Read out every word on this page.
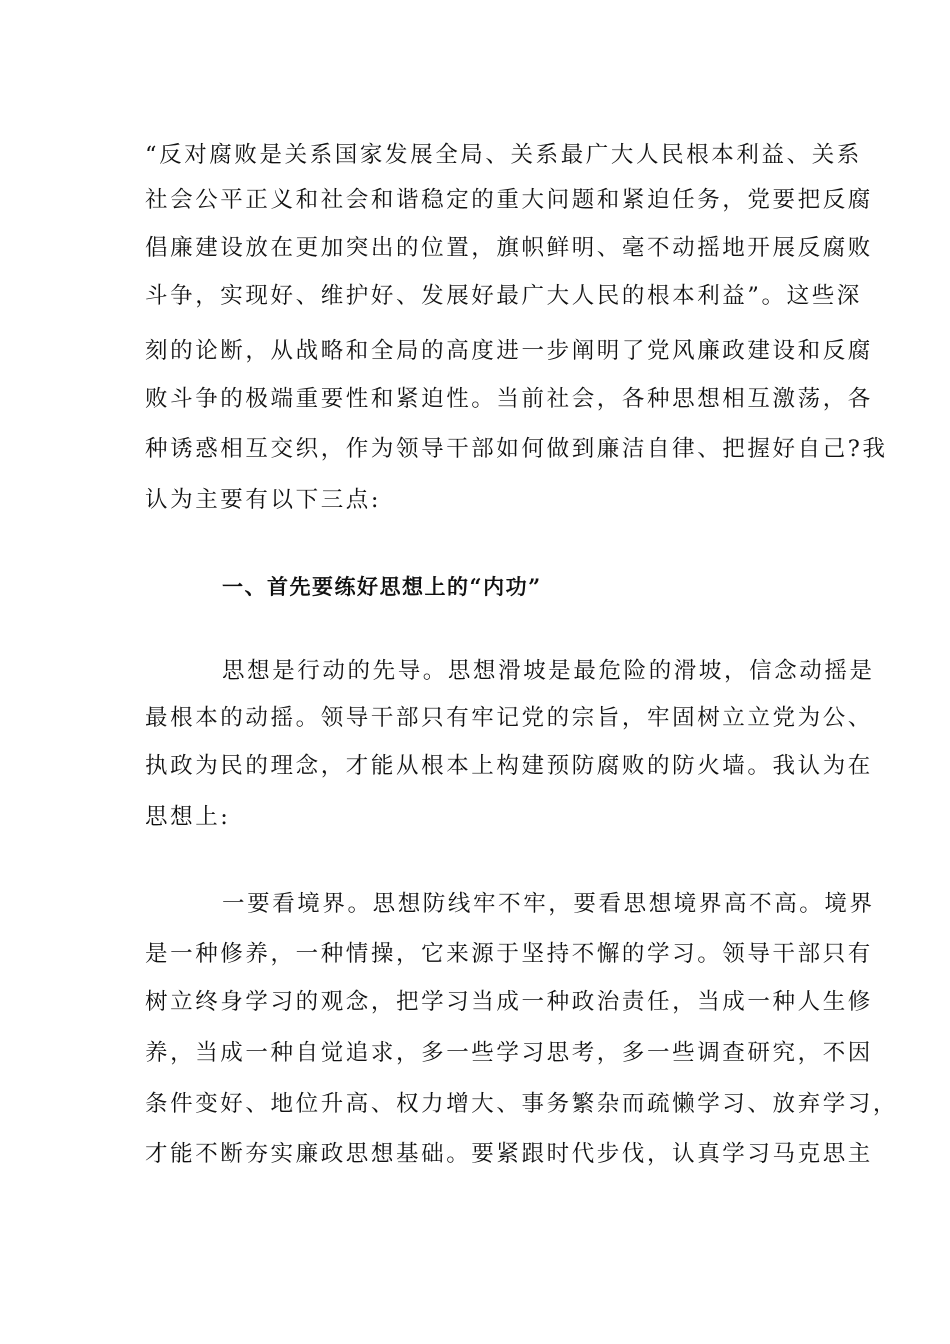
“反对腐败是关系国家发展全局、关系最广大人民根本利益、关系
社会公平正义和社会和谐稳定的重大问题和紧迫任务，党要把反腐
倡廉建设放在更加突出的位置，旗帜鲜明、毫不动摇地开展反腐败
斗争，实现好、维护好、发展好最广大人民的根本利益”。这些深
刻的论断，从战略和全局的高度进一步阐明了党风廉政建设和反腐
败斗争的极端重要性和紧迫性。当前社会，各种思想相互激荡，各
种诱惑相互交织，作为领导干部如何做到廉洁自律、把握好自己?我
认为主要有以下三点:
一、首先要练好思想上的“内功”
思想是行动的先导。思想滑坡是最危险的滑坡，信念动摇是
最根本的动摇。领导干部只有牢记党的宗旨，牢固树立立党为公、
执政为民的理念，才能从根本上构建预防腐败的防火墙。我认为在
思想上:
一要看境界。思想防线牢不牢，要看思想境界高不高。境界
是一种修养，一种情操，它来源于坚持不懈的学习。领导干部只有
树立终身学习的观念，把学习当成一种政治责任，当成一种人生修
养，当成一种自觉追求，多一些学习思考，多一些调查研究，不因
条件变好、地位升高、权力增大、事务繁杂而疏懒学习、放弃学习，
才能不断夯实廉政思想基础。要紧跟时代步伐，认真学习马克思主
